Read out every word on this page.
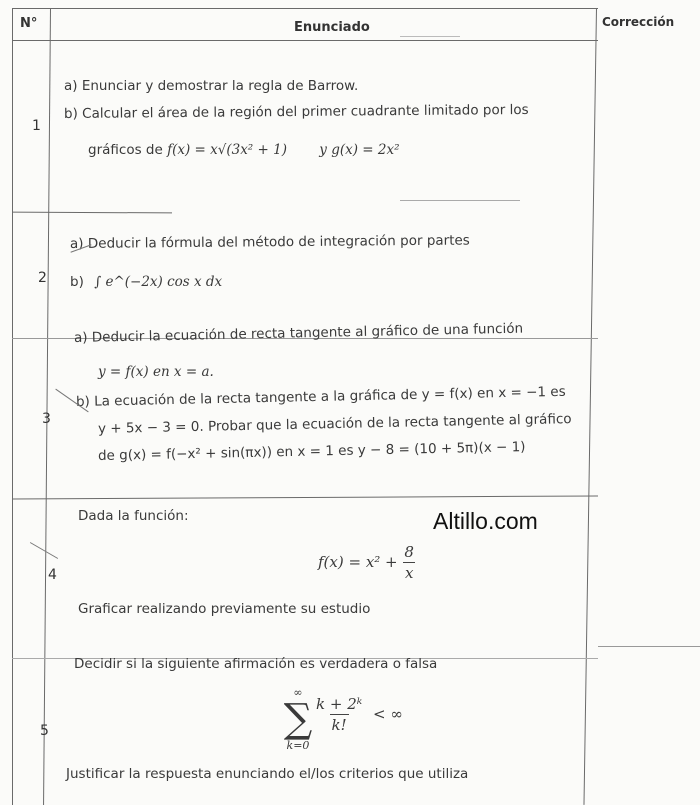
N°	Enunciado	Corrección
1
a) Enunciar y demostrar la regla de Barrow.
b) Calcular el área de la región del primer cuadrante limitado por los
gráficos de f(x) = x√(3x² + 1) y g(x) = 2x²
2
a) Deducir la fórmula del método de integración por partes
b) ∫ e^(−2x) cos x dx
3
a) Deducir la ecuación de recta tangente al gráfico de una función
y = f(x) en x = a.
b) La ecuación de la recta tangente a la gráfica de y = f(x) en x = −1 es
y + 5x − 3 = 0. Probar que la ecuación de la recta tangente al gráfico
de g(x) = f(−x² + sin(πx)) en x = 1 es y − 8 = (10 + 5π)(x − 1)
4
Dada la función:
$f(x) = x^2 + \frac{8}{x}$
Graficar realizando previamente su estudio
5
Decidir si la siguiente afirmación es verdadera o falsa
∞
∑
k=0
$\frac{\text{k + 2ᵏ}}{k!}$ < ∞
Justificar la respuesta enunciando el/los criterios que utiliza
Altillo.com
